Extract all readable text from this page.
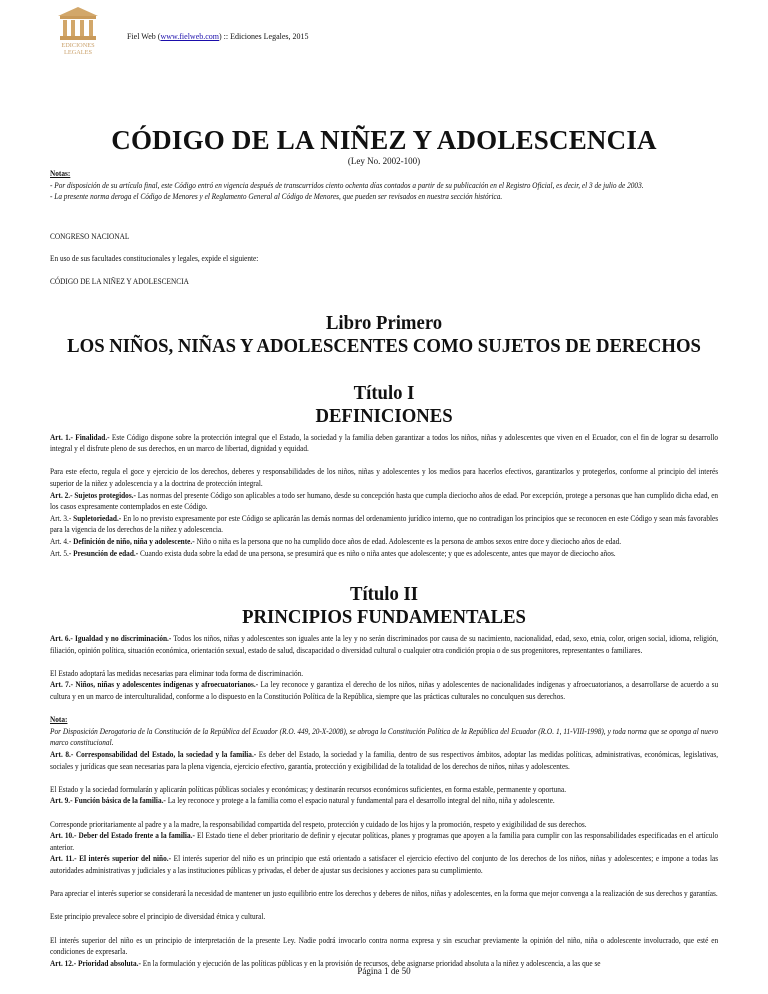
EDICIONES
LEGALES
Fiel Web (www.fielweb.com) :: Ediciones Legales, 2015
CÓDIGO DE LA NIÑEZ Y ADOLESCENCIA
(Ley No. 2002-100)

Notas:

- Por disposición de su artículo final, este Código entró en vigencia después de transcurridos ciento ochenta días contados a partir de su publicación en el Registro Oficial, es decir, el 3 de julio de 2003.

- La presente norma deroga el Código de Menores y el Reglamento General al Código de Menores, que pueden ser revisados en nuestra sección histórica.

CONGRESO NACIONAL

En uso de sus facultades constitucionales y legales, expide el siguiente:

CÓDIGO DE LA NIÑEZ Y ADOLESCENCIA

Libro Primero
LOS NIÑOS, NIÑAS Y ADOLESCENTES COMO SUJETOS DE DERECHOS
Título I
DEFINICIONES

Art. 1.- Finalidad.- Este Código dispone sobre la protección integral que el Estado, la sociedad y la familia deben garantizar a todos los niños, niñas y adolescentes que viven en el Ecuador, con el fin de lograr su desarrollo integral y el disfrute pleno de sus derechos, en un marco de libertad, dignidad y equidad.

Para este efecto, regula el goce y ejercicio de los derechos, deberes y responsabilidades de los niños, niñas y adolescentes y los medios para hacerlos efectivos, garantizarlos y protegerlos, conforme al principio del interés superior de la niñez y adolescencia y a la doctrina de protección integral.

Art. 2.- Sujetos protegidos.- Las normas del presente Código son aplicables a todo ser humano, desde su concepción hasta que cumpla dieciocho años de edad. Por excepción, protege a personas que han cumplido dicha edad, en los casos expresamente contemplados en este Código.

Art. 3.- Supletoriedad.- En lo no previsto expresamente por este Código se aplicarán las demás normas del ordenamiento jurídico interno, que no contradigan los principios que se reconocen en este Código y sean más favorables para la vigencia de los derechos de la niñez y adolescencia.

Art. 4.- Definición de niño, niña y adolescente.- Niño o niña es la persona que no ha cumplido doce años de edad. Adolescente es la persona de ambos sexos entre doce y dieciocho años de edad.

Art. 5.- Presunción de edad.- Cuando exista duda sobre la edad de una persona, se presumirá que es niño o niña antes que adolescente; y que es adolescente, antes que mayor de dieciocho años.

Título II
PRINCIPIOS FUNDAMENTALES

Art. 6.- Igualdad y no discriminación.- Todos los niños, niñas y adolescentes son iguales ante la ley y no serán discriminados por causa de su nacimiento, nacionalidad, edad, sexo, etnia, color, origen social, idioma, religión, filiación, opinión política, situación económica, orientación sexual, estado de salud, discapacidad o diversidad cultural o cualquier otra condición propia o de sus progenitores, representantes o familiares.

El Estado adoptará las medidas necesarias para eliminar toda forma de discriminación.

Art. 7.- Niños, niñas y adolescentes indígenas y afroecuatorianos.- La ley reconoce y garantiza el derecho de los niños, niñas y adolescentes de nacionalidades indígenas y afroecuatorianos, a desarrollarse de acuerdo a su cultura y en un marco de interculturalidad, conforme a lo dispuesto en la Constitución Política de la República, siempre que las prácticas culturales no conculquen sus derechos.

Nota:

Por Disposición Derogatoria de la Constitución de la República del Ecuador (R.O. 449, 20-X-2008), se abroga la Constitución Política de la República del Ecuador (R.O. 1, 11-VIII-1998), y toda norma que se oponga al nuevo marco constitucional.

Art. 8.- Corresponsabilidad del Estado, la sociedad y la familia.- Es deber del Estado, la sociedad y la familia, dentro de sus respectivos ámbitos, adoptar las medidas políticas, administrativas, económicas, legislativas, sociales y jurídicas que sean necesarias para la plena vigencia, ejercicio efectivo, garantía, protección y exigibilidad de la totalidad de los derechos de niños, niñas y adolescentes.

El Estado y la sociedad formularán y aplicarán políticas públicas sociales y económicas; y destinarán recursos económicos suficientes, en forma estable, permanente y oportuna.

Art. 9.- Función básica de la familia.- La ley reconoce y protege a la familia como el espacio natural y fundamental para el desarrollo integral del niño, niña y adolescente.

Corresponde prioritariamente al padre y a la madre, la responsabilidad compartida del respeto, protección y cuidado de los hijos y la promoción, respeto y exigibilidad de sus derechos.

Art. 10.- Deber del Estado frente a la familia.- El Estado tiene el deber prioritario de definir y ejecutar políticas, planes y programas que apoyen a la familia para cumplir con las responsabilidades especificadas en el artículo anterior.

Art. 11.- El interés superior del niño.- El interés superior del niño es un principio que está orientado a satisfacer el ejercicio efectivo del conjunto de los derechos de los niños, niñas y adolescentes; e impone a todas las autoridades administrativas y judiciales y a las instituciones públicas y privadas, el deber de ajustar sus decisiones y acciones para su cumplimiento.

Para apreciar el interés superior se considerará la necesidad de mantener un justo equilibrio entre los derechos y deberes de niños, niñas y adolescentes, en la forma que mejor convenga a la realización de sus derechos y garantías.

Este principio prevalece sobre el principio de diversidad étnica y cultural.

El interés superior del niño es un principio de interpretación de la presente Ley. Nadie podrá invocarlo contra norma expresa y sin escuchar previamente la opinión del niño, niña o adolescente involucrado, que esté en condiciones de expresarla.

Art. 12.- Prioridad absoluta.- En la formulación y ejecución de las políticas públicas y en la provisión de recursos, debe asignarse prioridad absoluta a la niñez y adolescencia, a las que se

Página 1 de 50
